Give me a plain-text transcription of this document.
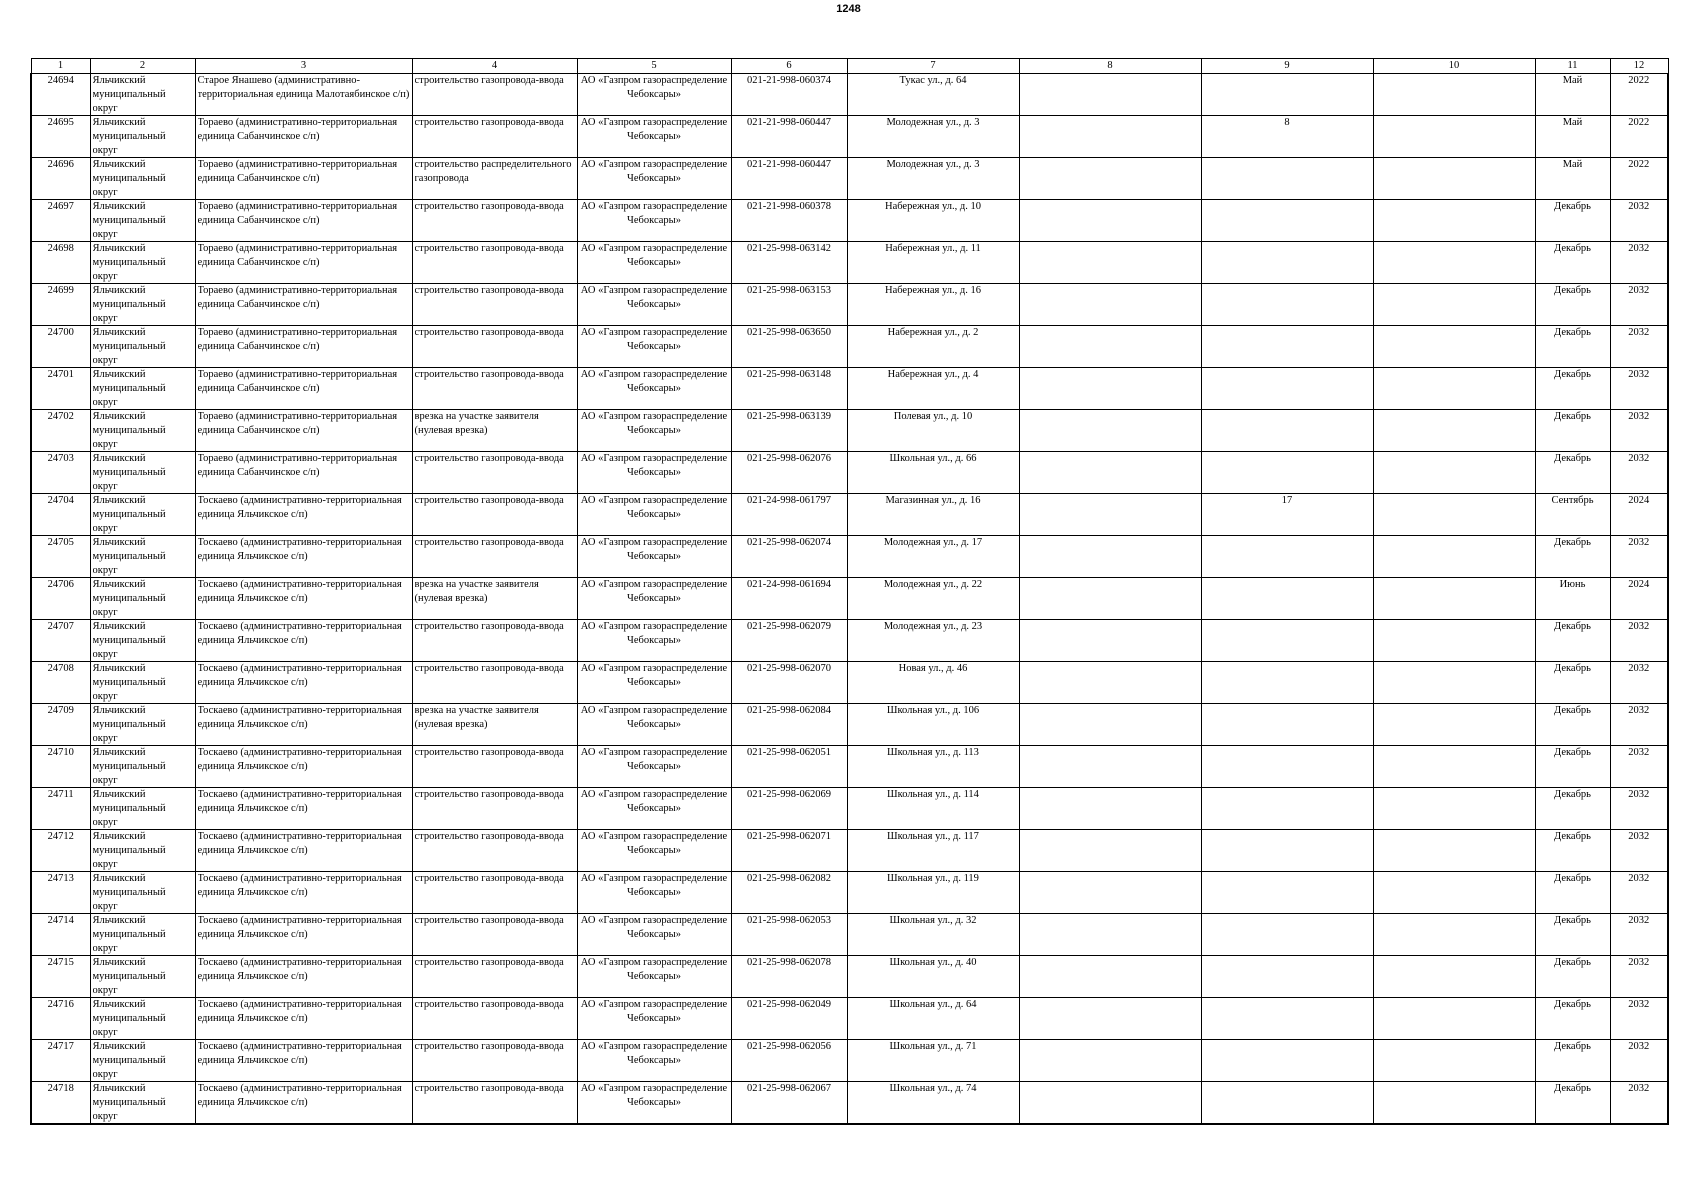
1248
1	2	3	4	5	6	7	8	9	10	11	12

24694	Яльчикский муниципальный округ	Старое Янашево (административно-территориальная единица Малотаябинское с/п)	строительство газопровода-ввода	АО «Газпром газораспределение Чебоксары»	021-21-998-060374	Тукас ул., д. 64				Май	2022

24695	Яльчикский муниципальный округ	Тораево (административно-территориальная единица Сабанчинское с/п)	строительство газопровода-ввода	АО «Газпром газораспределение Чебоксары»	021-21-998-060447	Молодежная ул., д. 3		8		Май	2022

24696	Яльчикский муниципальный округ	Тораево (административно-территориальная единица Сабанчинское с/п)	строительство распределительного газопровода	АО «Газпром газораспределение Чебоксары»	021-21-998-060447	Молодежная ул., д. 3				Май	2022

24697	Яльчикский муниципальный округ	Тораево (административно-территориальная единица Сабанчинское с/п)	строительство газопровода-ввода	АО «Газпром газораспределение Чебоксары»	021-21-998-060378	Набережная ул., д. 10				Декабрь	2032

24698	Яльчикский муниципальный округ	Тораево (административно-территориальная единица Сабанчинское с/п)	строительство газопровода-ввода	АО «Газпром газораспределение Чебоксары»	021-25-998-063142	Набережная ул., д. 11				Декабрь	2032

24699	Яльчикский муниципальный округ	Тораево (административно-территориальная единица Сабанчинское с/п)	строительство газопровода-ввода	АО «Газпром газораспределение Чебоксары»	021-25-998-063153	Набережная ул., д. 16				Декабрь	2032

24700	Яльчикский муниципальный округ	Тораево (административно-территориальная единица Сабанчинское с/п)	строительство газопровода-ввода	АО «Газпром газораспределение Чебоксары»	021-25-998-063650	Набережная ул., д. 2				Декабрь	2032

24701	Яльчикский муниципальный округ	Тораево (административно-территориальная единица Сабанчинское с/п)	строительство газопровода-ввода	АО «Газпром газораспределение Чебоксары»	021-25-998-063148	Набережная ул., д. 4				Декабрь	2032

24702	Яльчикский муниципальный округ	Тораево (административно-территориальная единица Сабанчинское с/п)	врезка на участке заявителя (нулевая врезка)	АО «Газпром газораспределение Чебоксары»	021-25-998-063139	Полевая ул., д. 10				Декабрь	2032

24703	Яльчикский муниципальный округ	Тораево (административно-территориальная единица Сабанчинское с/п)	строительство газопровода-ввода	АО «Газпром газораспределение Чебоксары»	021-25-998-062076	Школьная ул., д. 66				Декабрь	2032

24704	Яльчикский муниципальный округ	Тоскаево (административно-территориальная единица Яльчикское с/п)	строительство газопровода-ввода	АО «Газпром газораспределение Чебоксары»	021-24-998-061797	Магазинная ул., д. 16		17		Сентябрь	2024

24705	Яльчикский муниципальный округ	Тоскаево (административно-территориальная единица Яльчикское с/п)	строительство газопровода-ввода	АО «Газпром газораспределение Чебоксары»	021-25-998-062074	Молодежная ул., д. 17				Декабрь	2032

24706	Яльчикский муниципальный округ	Тоскаево (административно-территориальная единица Яльчикское с/п)	врезка на участке заявителя (нулевая врезка)	АО «Газпром газораспределение Чебоксары»	021-24-998-061694	Молодежная ул., д. 22				Июнь	2024

24707	Яльчикский муниципальный округ	Тоскаево (административно-территориальная единица Яльчикское с/п)	строительство газопровода-ввода	АО «Газпром газораспределение Чебоксары»	021-25-998-062079	Молодежная ул., д. 23				Декабрь	2032

24708	Яльчикский муниципальный округ	Тоскаево (административно-территориальная единица Яльчикское с/п)	строительство газопровода-ввода	АО «Газпром газораспределение Чебоксары»	021-25-998-062070	Новая ул., д. 46				Декабрь	2032

24709	Яльчикский муниципальный округ	Тоскаево (административно-территориальная единица Яльчикское с/п)	врезка на участке заявителя (нулевая врезка)	АО «Газпром газораспределение Чебоксары»	021-25-998-062084	Школьная ул., д. 106				Декабрь	2032

24710	Яльчикский муниципальный округ	Тоскаево (административно-территориальная единица Яльчикское с/п)	строительство газопровода-ввода	АО «Газпром газораспределение Чебоксары»	021-25-998-062051	Школьная ул., д. 113				Декабрь	2032

24711	Яльчикский муниципальный округ	Тоскаево (административно-территориальная единица Яльчикское с/п)	строительство газопровода-ввода	АО «Газпром газораспределение Чебоксары»	021-25-998-062069	Школьная ул., д. 114				Декабрь	2032

24712	Яльчикский муниципальный округ	Тоскаево (административно-территориальная единица Яльчикское с/п)	строительство газопровода-ввода	АО «Газпром газораспределение Чебоксары»	021-25-998-062071	Школьная ул., д. 117				Декабрь	2032

24713	Яльчикский муниципальный округ	Тоскаево (административно-территориальная единица Яльчикское с/п)	строительство газопровода-ввода	АО «Газпром газораспределение Чебоксары»	021-25-998-062082	Школьная ул., д. 119				Декабрь	2032

24714	Яльчикский муниципальный округ	Тоскаево (административно-территориальная единица Яльчикское с/п)	строительство газопровода-ввода	АО «Газпром газораспределение Чебоксары»	021-25-998-062053	Школьная ул., д. 32				Декабрь	2032

24715	Яльчикский муниципальный округ	Тоскаево (административно-территориальная единица Яльчикское с/п)	строительство газопровода-ввода	АО «Газпром газораспределение Чебоксары»	021-25-998-062078	Школьная ул., д. 40				Декабрь	2032

24716	Яльчикский муниципальный округ	Тоскаево (административно-территориальная единица Яльчикское с/п)	строительство газопровода-ввода	АО «Газпром газораспределение Чебоксары»	021-25-998-062049	Школьная ул., д. 64				Декабрь	2032

24717	Яльчикский муниципальный округ	Тоскаево (административно-территориальная единица Яльчикское с/п)	строительство газопровода-ввода	АО «Газпром газораспределение Чебоксары»	021-25-998-062056	Школьная ул., д. 71				Декабрь	2032

24718	Яльчикский муниципальный округ	Тоскаево (административно-территориальная единица Яльчикское с/п)	строительство газопровода-ввода	АО «Газпром газораспределение Чебоксары»	021-25-998-062067	Школьная ул., д. 74				Декабрь	2032
